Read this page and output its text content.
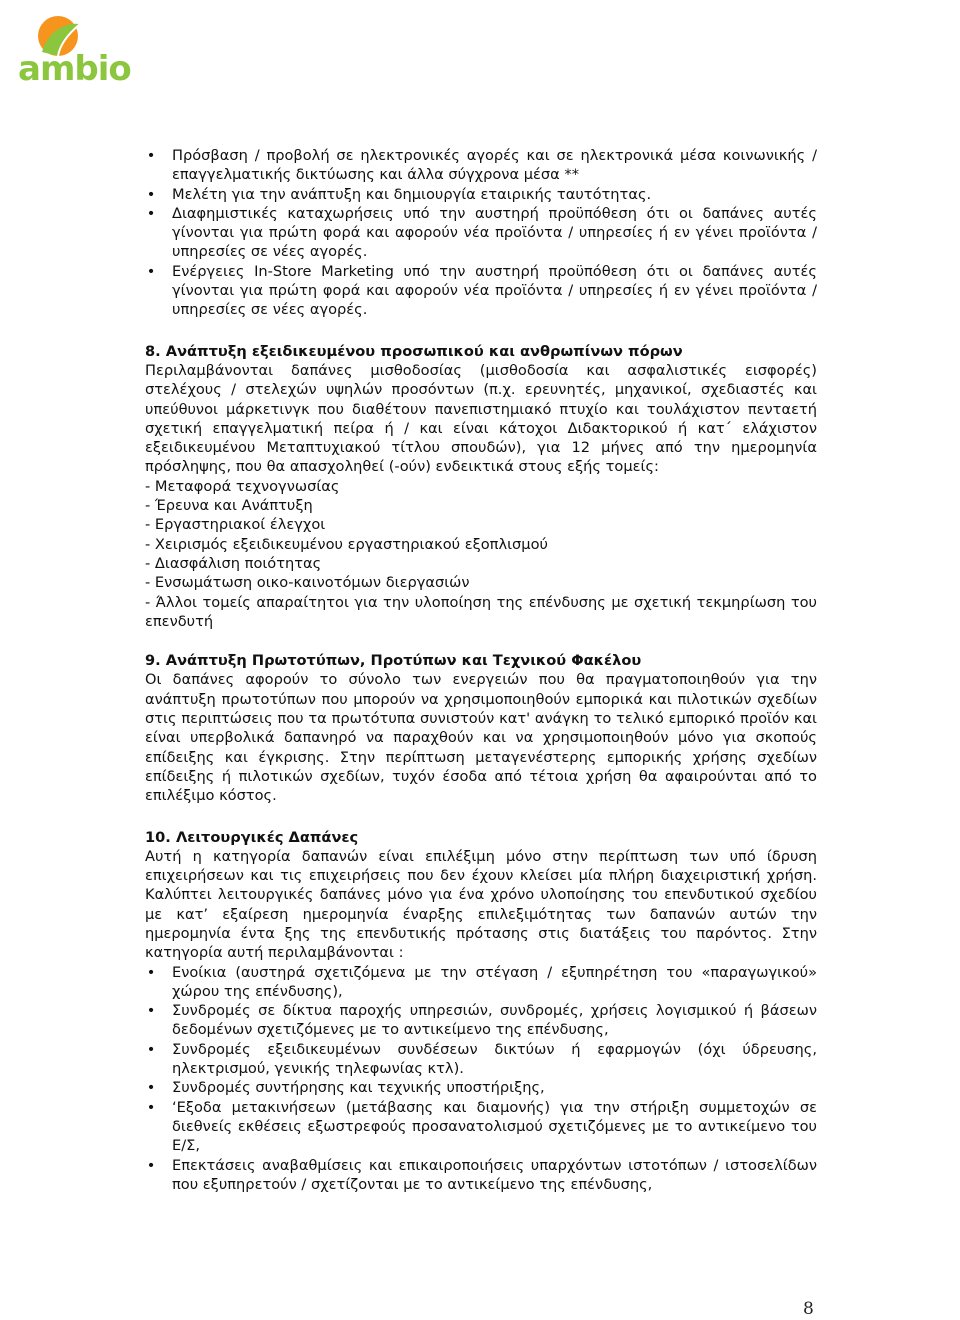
ambio
• Πρόσβαση / προβολή σε ηλεκτρονικές αγορές και σε ηλεκτρονικά μέσα κοινωνικής / επαγγελματικής δικτύωσης και άλλα σύγχρονα μέσα **
• Μελέτη για την ανάπτυξη και δημιουργία εταιρικής ταυτότητας.
• Διαφημιστικές καταχωρήσεις υπό την αυστηρή προϋπόθεση ότι οι δαπάνες αυτές γίνονται για πρώτη φορά και αφορούν νέα προϊόντα / υπηρεσίες ή εν γένει προϊόντα / υπηρεσίες σε νέες αγορές.
• Ενέργειες In-Store Marketing υπό την αυστηρή προϋπόθεση ότι οι δαπάνες αυτές γίνονται για πρώτη φορά και αφορούν νέα προϊόντα / υπηρεσίες ή εν γένει προϊόντα / υπηρεσίες σε νέες αγορές.
8. Ανάπτυξη εξειδικευμένου προσωπικού και ανθρωπίνων πόρων

Περιλαμβάνονται δαπάνες μισθοδοσίας (μισθοδοσία και ασφαλιστικές εισφορές) στελέχους / στελεχών υψηλών προσόντων (π.χ. ερευνητές, μηχανικοί, σχεδιαστές και υπεύθυνοι μάρκετινγκ που διαθέτουν πανεπιστημιακό πτυχίο και τουλάχιστον πενταετή σχετική επαγγελματική πείρα ή / και είναι κάτοχοι Διδακτορικού ή κατ΄ ελάχιστον εξειδικευμένου Μεταπτυχιακού τίτλου σπουδών), για 12 μήνες από την ημερομηνία πρόσληψης, που θα απασχοληθεί (-ούν) ενδεικτικά στους εξής τομείς:

- Μεταφορά τεχνογνωσίας

- Έρευνα και Ανάπτυξη

- Εργαστηριακοί έλεγχοι

- Χειρισμός εξειδικευμένου εργαστηριακού εξοπλισμού

- Διασφάλιση ποιότητας

- Ενσωμάτωση οικο-καινοτόμων διεργασιών

- Άλλοι τομείς απαραίτητοι για την υλοποίηση της επένδυσης με σχετική τεκμηρίωση του επενδυτή

9. Ανάπτυξη Πρωτοτύπων, Προτύπων και Τεχνικού Φακέλου

Οι δαπάνες αφορούν το σύνολο των ενεργειών που θα πραγματοποιηθούν για την ανάπτυξη πρωτοτύπων που μπορούν να χρησιμοποιηθούν εμπορικά και πιλοτικών σχεδίων στις περιπτώσεις που τα πρωτότυπα συνιστούν κατ' ανάγκη το τελικό εμπορικό προϊόν και είναι υπερβολικά δαπανηρό να παραχθούν και να χρησιμοποιηθούν μόνο για σκοπούς επίδειξης και έγκρισης. Στην περίπτωση μεταγενέστερης εμπορικής χρήσης σχεδίων επίδειξης ή πιλοτικών σχεδίων, τυχόν έσοδα από τέτοια χρήση θα αφαιρούνται από το επιλέξιμο κόστος.

10. Λειτουργικές Δαπάνες

Αυτή η κατηγορία δαπανών είναι επιλέξιμη μόνο στην περίπτωση των υπό ίδρυση επιχειρήσεων και τις επιχειρήσεις που δεν έχουν κλείσει μία πλήρη διαχειριστική χρήση. Καλύπτει λειτουργικές δαπάνες μόνο για ένα χρόνο υλοποίησης του επενδυτικού σχεδίου με κατ’ εξαίρεση ημερομηνία έναρξης επιλεξιμότητας των δαπανών αυτών την ημερομηνία έντα ξης της επενδυτικής πρότασης στις διατάξεις του παρόντος. Στην κατηγορία αυτή περιλαμβάνονται :

• Ενοίκια (αυστηρά σχετιζόμενα με την στέγαση / εξυπηρέτηση του «παραγωγικού» χώρου της επένδυσης),
• Συνδρομές σε δίκτυα παροχής υπηρεσιών, συνδρομές, χρήσεις λογισμικού ή βάσεων δεδομένων σχετιζόμενες με το αντικείμενο της επένδυσης,
• Συνδρομές εξειδικευμένων συνδέσεων δικτύων ή εφαρμογών (όχι ύδρευσης, ηλεκτρισμού, γενικής τηλεφωνίας κτλ).
• Συνδρομές συντήρησης και τεχνικής υποστήριξης,
• ‘Εξοδα μετακινήσεων (μετάβασης και διαμονής) για την στήριξη συμμετοχών σε διεθνείς εκθέσεις εξωστρεφούς προσανατολισμού σχετιζόμενες με το αντικείμενο του Ε/Σ,
• Επεκτάσεις αναβαθμίσεις και επικαιροποιήσεις υπαρχόντων ιστοτόπων / ιστοσελίδων που εξυπηρετούν / σχετίζονται με το αντικείμενο της επένδυσης,
8
